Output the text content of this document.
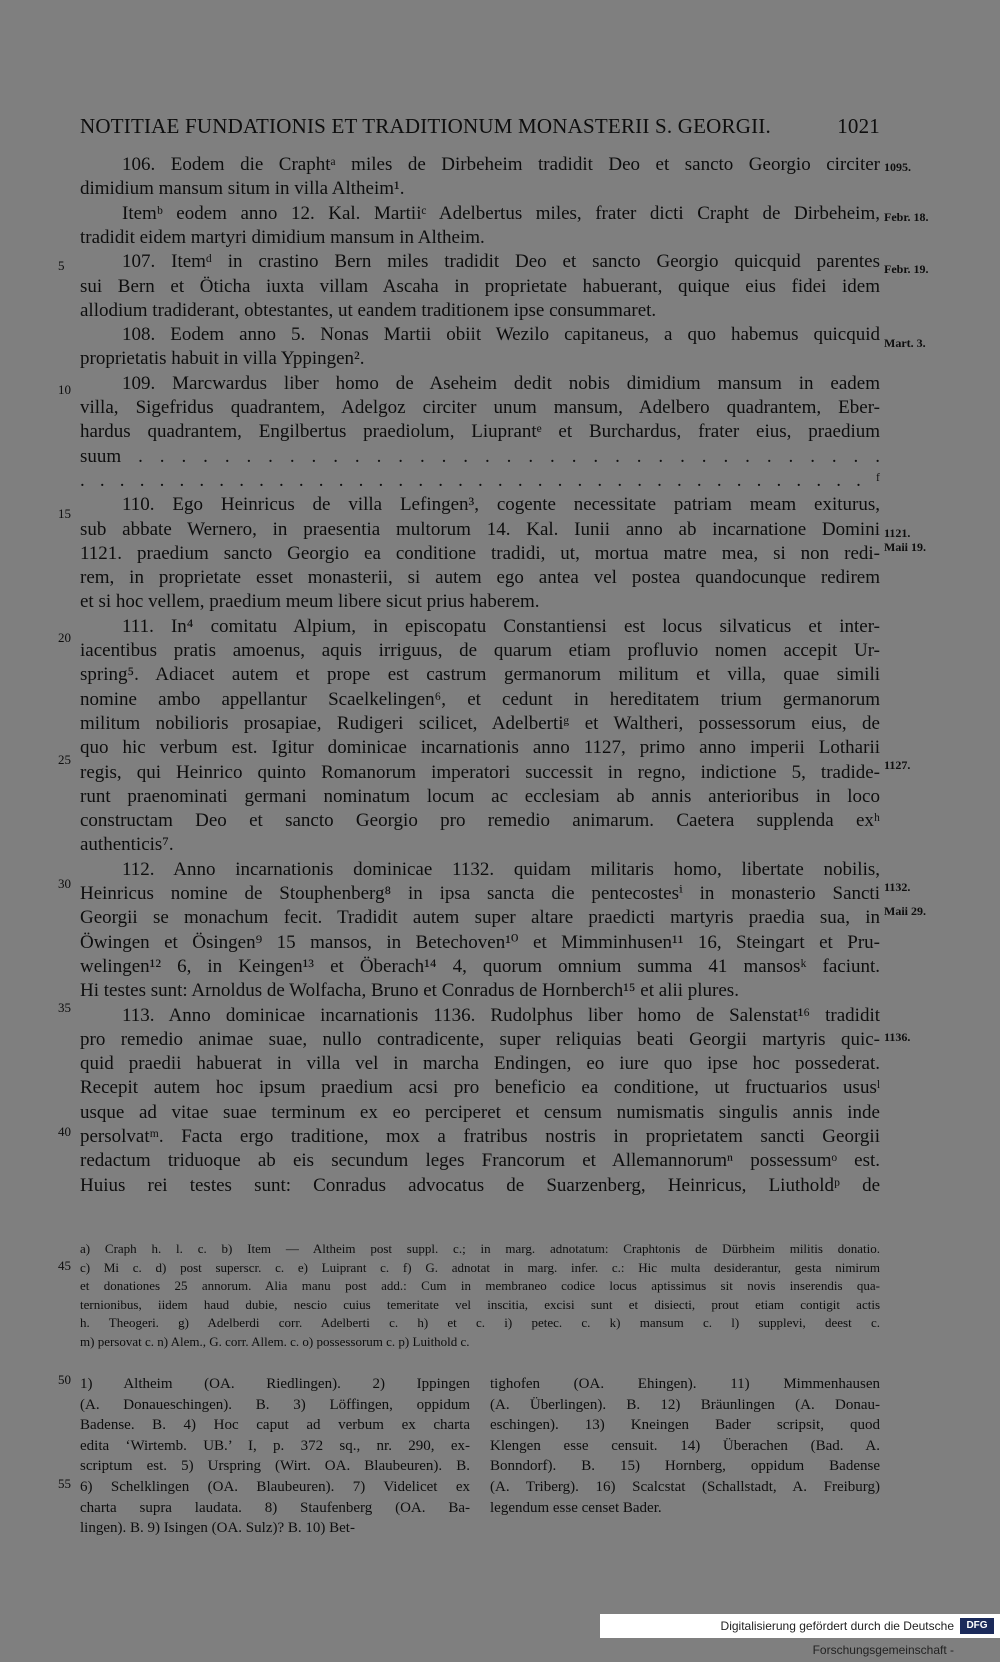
NOTITIAE FUNDATIONIS ET TRADITIONUM MONASTERII S. GEORGII.	1021
106. Eodem die Craphtᵃ miles de Dirbeheim tradidit Deo et sancto Georgio circiter
dimidium mansum situm in villa Altheim¹.
Itemᵇ eodem anno 12. Kal. Martiiᶜ Adelbertus miles, frater dicti Crapht de Dirbeheim,
tradidit eidem martyri dimidium mansum in Altheim.
107. Itemᵈ in crastino Bern miles tradidit Deo et sancto Georgio quicquid parentes
sui Bern et Öticha iuxta villam Ascaha in proprietate habuerant, quique eius fidei idem
allodium tradiderant, obtestantes, ut eandem traditionem ipse consummaret.
108. Eodem anno 5. Nonas Martii obiit Wezilo capitaneus, a quo habemus quicquid
proprietatis habuit in villa Yppingen².
109. Marcwardus liber homo de Aseheim dedit nobis dimidium mansum in eadem
villa, Sigefridus quadrantem, Adelgoz circiter unum mansum, Adelbero quadrantem, Eber-
hardus quadrantem, Engilbertus praediolum, Liuprantᵉ et Burchardus, frater eius, praedium
suum . . . . . . . . . . . . . . . . . . . . . . . . . . . . . . . . . . .
. . . . . . . . . . . . . . . . . . . . . . . . . . . . . . . . . . . . . . . . ᶠ
110. Ego Heinricus de villa Lefingen³, cogente necessitate patriam meam exiturus,
sub abbate Wernero, in praesentia multorum 14. Kal. Iunii anno ab incarnatione Domini
1121. praedium sancto Georgio ea conditione tradidi, ut, mortua matre mea, si non redi-
rem, in proprietate esset monasterii, si autem ego antea vel postea quandocunque redirem
et si hoc vellem, praedium meum libere sicut prius haberem.
111. In⁴ comitatu Alpium, in episcopatu Constantiensi est locus silvaticus et inter-
iacentibus pratis amoenus, aquis irriguus, de quarum etiam profluvio nomen accepit Ur-
spring⁵. Adiacet autem et prope est castrum germanorum militum et villa, quae simili
nomine ambo appellantur Scaelkelingen⁶, et cedunt in hereditatem trium germanorum
militum nobilioris prosapiae, Rudigeri scilicet, Adelbertiᵍ et Waltheri, possessorum eius, de
quo hic verbum est. Igitur dominicae incarnationis anno 1127, primo anno imperii Lotharii
regis, qui Heinrico quinto Romanorum imperatori successit in regno, indictione 5, tradide-
runt praenominati germani nominatum locum ac ecclesiam ab annis anterioribus in loco
constructam Deo et sancto Georgio pro remedio animarum. Caetera supplenda exʰ
authenticis⁷.
112. Anno incarnationis dominicae 1132. quidam militaris homo, libertate nobilis,
Heinricus nomine de Stouphenberg⁸ in ipsa sancta die pentecostesⁱ in monasterio Sancti
Georgii se monachum fecit. Tradidit autem super altare praedicti martyris praedia sua, in
Öwingen et Ösingen⁹ 15 mansos, in Betechoven¹⁰ et Mimminhusen¹¹ 16, Steingart et Pru-
welingen¹² 6, in Keingen¹³ et Öberach¹⁴ 4, quorum omnium summa 41 mansosᵏ faciunt.
Hi testes sunt: Arnoldus de Wolfacha, Bruno et Conradus de Hornberch¹⁵ et alii plures.
113. Anno dominicae incarnationis 1136. Rudolphus liber homo de Salenstat¹⁶ tradidit
pro remedio animae suae, nullo contradicente, super reliquias beati Georgii martyris quic-
quid praedii habuerat in villa vel in marcha Endingen, eo iure quo ipse hoc possederat.
Recepit autem hoc ipsum praedium acsi pro beneficio ea conditione, ut fructuarios ususˡ
usque ad vitae suae terminum ex eo perciperet et censum numismatis singulis annis inde
persolvatᵐ. Facta ergo traditione, mox a fratribus nostris in proprietatem sancti Georgii
redactum triduoque ab eis secundum leges Francorum et Allemannorumⁿ possessumᵒ est.
Huius rei testes sunt: Conradus advocatus de Suarzenberg, Heinricus, Liutholdᵖ de
5
10
15
20
25
30
35
40
45
50
55
1095.
Febr. 18.
Febr. 19.
Mart. 3.
1121.
Maii 19.
1127.
1132.
Maii 29.
1136.
a) Craph h. l. c. b) Item — Altheim post suppl. c.; in marg. adnotatum: Craphtonis de Dürbheim militis donatio.
c) Mi c. d) post superscr. c. e) Luiprant c. f) G. adnotat in marg. infer. c.: Hic multa desiderantur, gesta nimirum
et donationes 25 annorum. Alia manu post add.: Cum in membraneo codice locus aptissimus sit novis inserendis qua-
ternionibus, iidem haud dubie, nescio cuius temeritate vel inscitia, excisi sunt et disiecti, prout etiam contigit actis
h. Theogeri. g) Adelberdi corr. Adelberti c. h) et c. i) petec. c. k) mansum c. l) supplevi, deest c.
m) persovat c. n) Alem., G. corr. Allem. c. o) possessorum c. p) Luithold c.
1) Altheim (OA. Riedlingen). 2) Ippingen
(A. Donaueschingen). B. 3) Löffingen, oppidum
Badense. B. 4) Hoc caput ad verbum ex charta
edita ‘Wirtemb. UB.’ I, p. 372 sq., nr. 290, ex-
scriptum est. 5) Urspring (Wirt. OA. Blaubeuren). B.
6) Schelklingen (OA. Blaubeuren). 7) Videlicet ex
charta supra laudata. 8) Staufenberg (OA. Ba-
lingen). B. 9) Isingen (OA. Sulz)? B. 10) Bet-
tighofen (OA. Ehingen). 11) Mimmenhausen
(A. Überlingen). B. 12) Bräunlingen (A. Donau-
eschingen). 13) Kneingen Bader scripsit, quod
Klengen esse censuit. 14) Überachen (Bad. A.
Bonndorf). B. 15) Hornberg, oppidum Badense
(A. Triberg). 16) Scalcstat (Schallstadt, A. Freiburg)
legendum esse censet Bader.
Digitalisierung gefördert durch die Deutsche Forschungsgemeinschaft -
DFG
